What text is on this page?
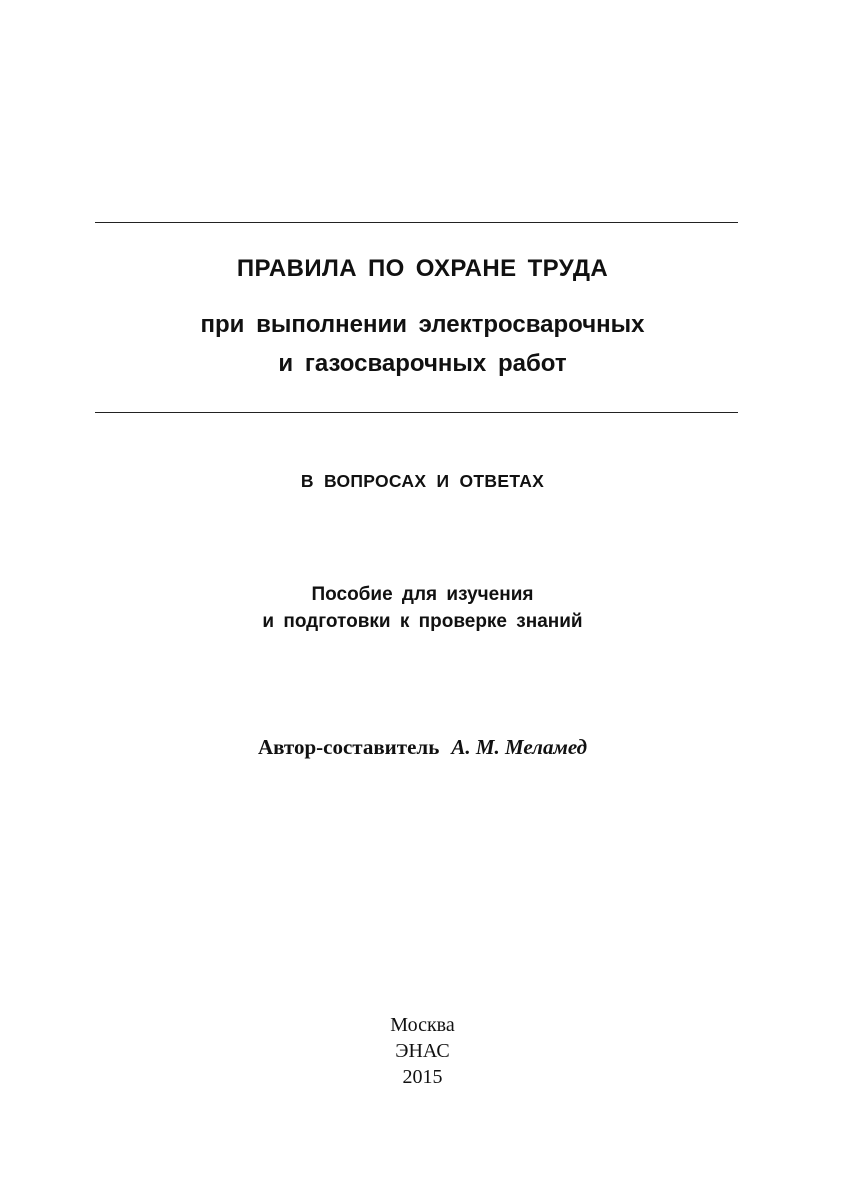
ПРАВИЛА ПО ОХРАНЕ ТРУДА
при выполнении электросварочных
и газосварочных работ
В ВОПРОСАХ И ОТВЕТАХ
Пособие для изучения
и подготовки к проверке знаний
Автор-составитель А. М. Меламед
Москва
ЭНАС
2015
